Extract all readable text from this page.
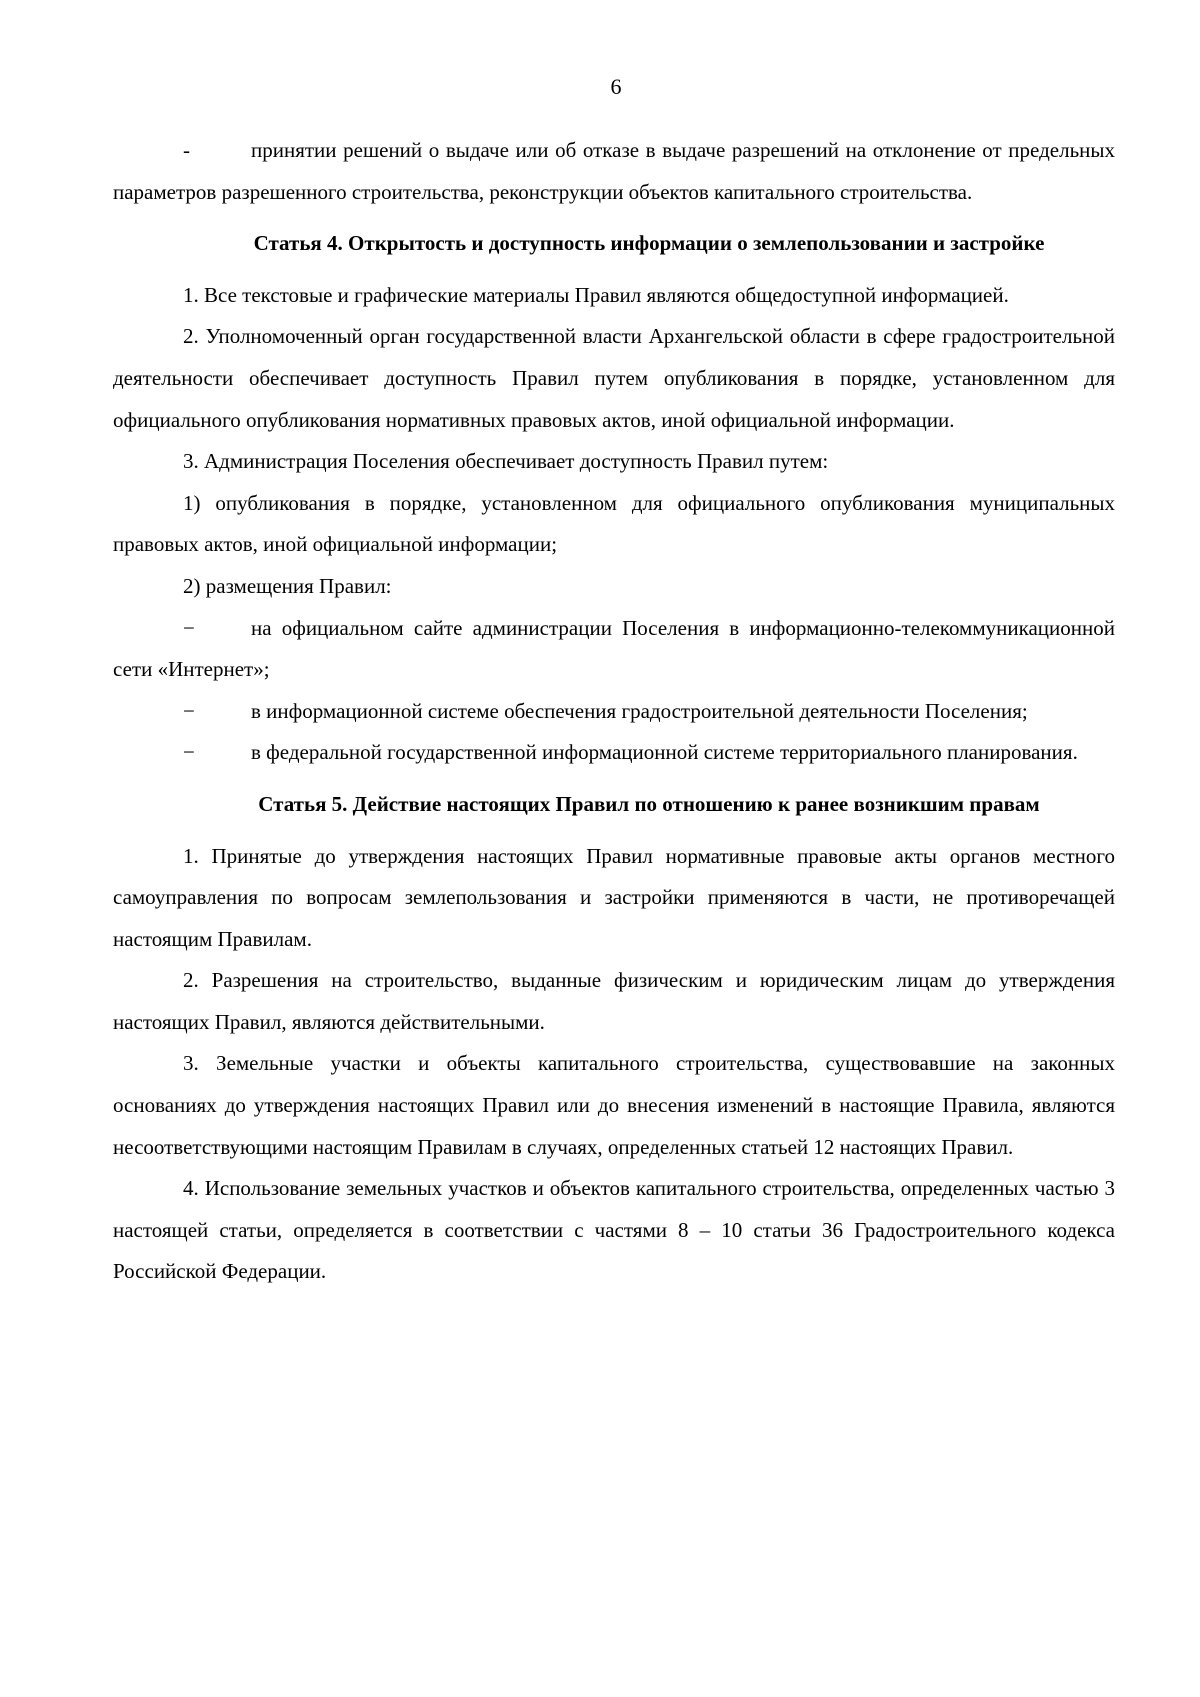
6

-	принятии решений о выдаче или об отказе в выдаче разрешений на отклонение от предельных параметров разрешенного строительства, реконструкции объектов капитального строительства.

Статья 4. Открытость и доступность информации о землепользовании и застройке

1. Все текстовые и графические материалы Правил являются общедоступной информацией.

2. Уполномоченный орган государственной власти Архангельской области в сфере градостроительной деятельности обеспечивает доступность Правил путем опубликования в порядке, установленном для официального опубликования нормативных правовых актов, иной официальной информации.

3. Администрация Поселения обеспечивает доступность Правил путем:

1) опубликования в порядке, установленном для официального опубликования муниципальных правовых актов, иной официальной информации;

2) размещения Правил:

−	на официальном сайте администрации Поселения в информационно-телекоммуникационной сети «Интернет»;

−	в информационной системе обеспечения градостроительной деятельности Поселения;

−	в федеральной государственной информационной системе территориального планирования.

Статья 5. Действие настоящих Правил по отношению к ранее возникшим правам

1. Принятые до утверждения настоящих Правил нормативные правовые акты органов местного самоуправления по вопросам землепользования и застройки применяются в части, не противоречащей настоящим Правилам.

2. Разрешения на строительство, выданные физическим и юридическим лицам до утверждения настоящих Правил, являются действительными.

3. Земельные участки и объекты капитального строительства, существовавшие на законных основаниях до утверждения настоящих Правил или до внесения изменений в настоящие Правила, являются несоответствующими настоящим Правилам в случаях, определенных статьей 12 настоящих Правил.

4. Использование земельных участков и объектов капитального строительства, определенных частью 3 настоящей статьи, определяется в соответствии с частями 8 – 10 статьи 36 Градостроительного кодекса Российской Федерации.
